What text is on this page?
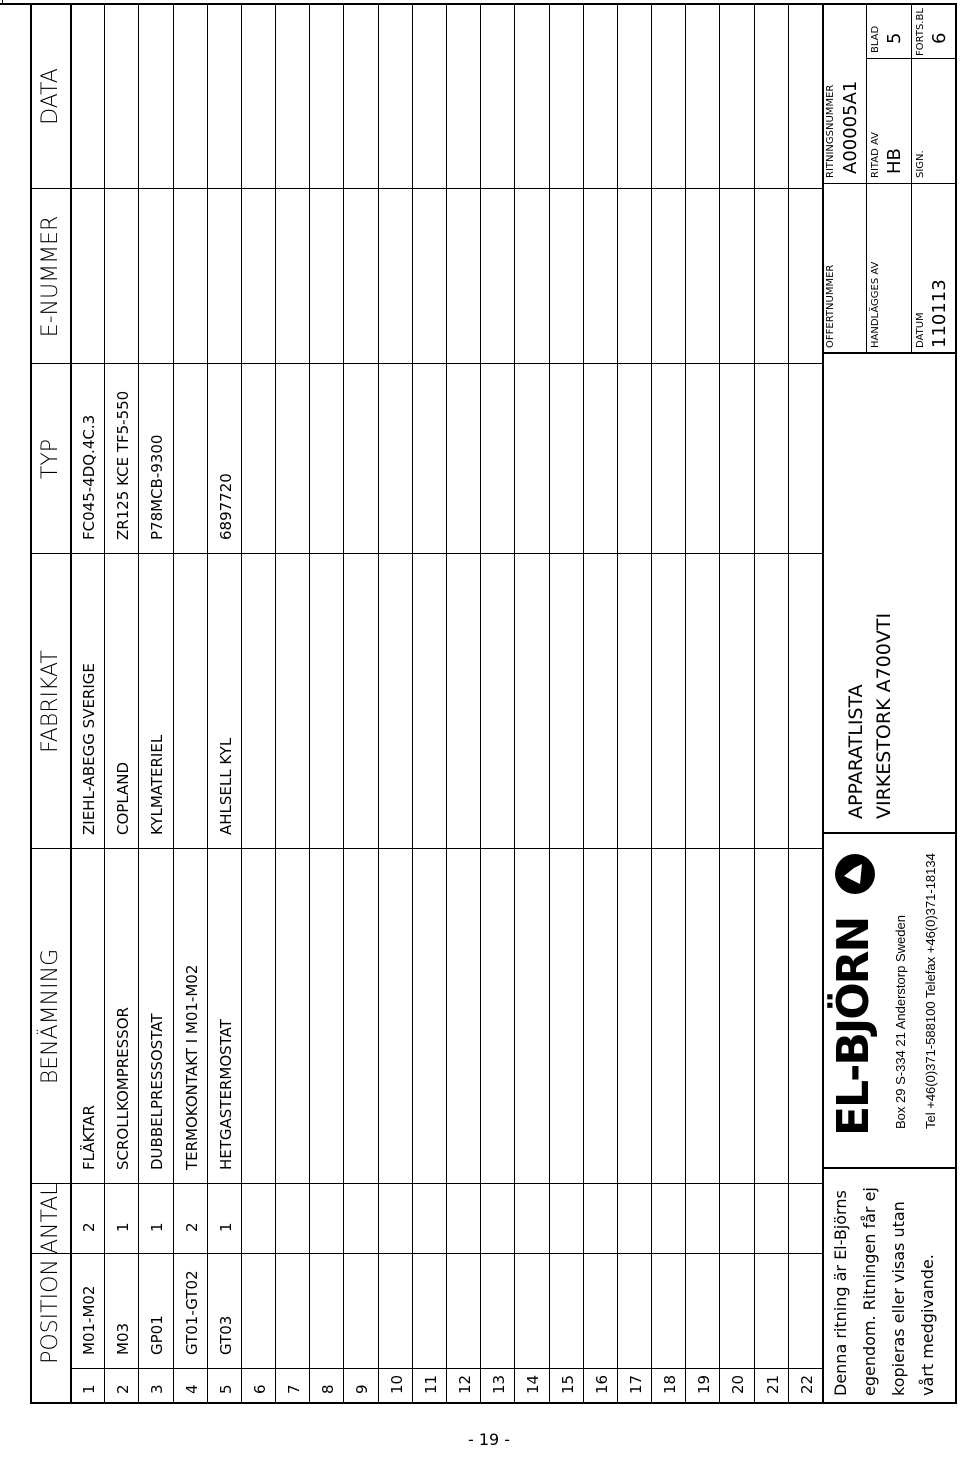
- 19 -
Denna ritning är El-Björns egendom. Ritningen får ej kopieras eller visas utan vårt medgivande.
EL-BJÖRN Box 29 S-334 21 Anderstorp Sweden Tel +46(0)371-588100 Telefax +46(0)371-18134
APPARATLISTA VIRKESTORK A700VTI
OFFERTNUMMER
RITNINGSNUMMER A00005A1
HANDLÄGGES AV
RITAD AV HB
BLAD 5
DATUM 110113
SIGN.
FORTS.BL 6
POSITION
ANTAL
BENÄMNING
FABRIKAT
TYP
E-NUMMER
DATA
1
M01-M02
2
FLÄKTAR
ZIEHL-ABEGG SVERIGE
FC045-4DQ.4C.3
2
M03
1
SCROLLKOMPRESSOR
COPLAND
ZR125 KCE TF5-550
3
GP01
1
DUBBELPRESSOSTAT
KYLMATERIEL
P78MCB-9300
4
GT01-GT02
2
TERMOKONTAKT I M01-M02
5
GT03
1
HETGASTERMOSTAT
AHLSELL KYL
6897720
6 7 8 9 10 11 12 13 14 15 16 17 18 19 20 21 22
